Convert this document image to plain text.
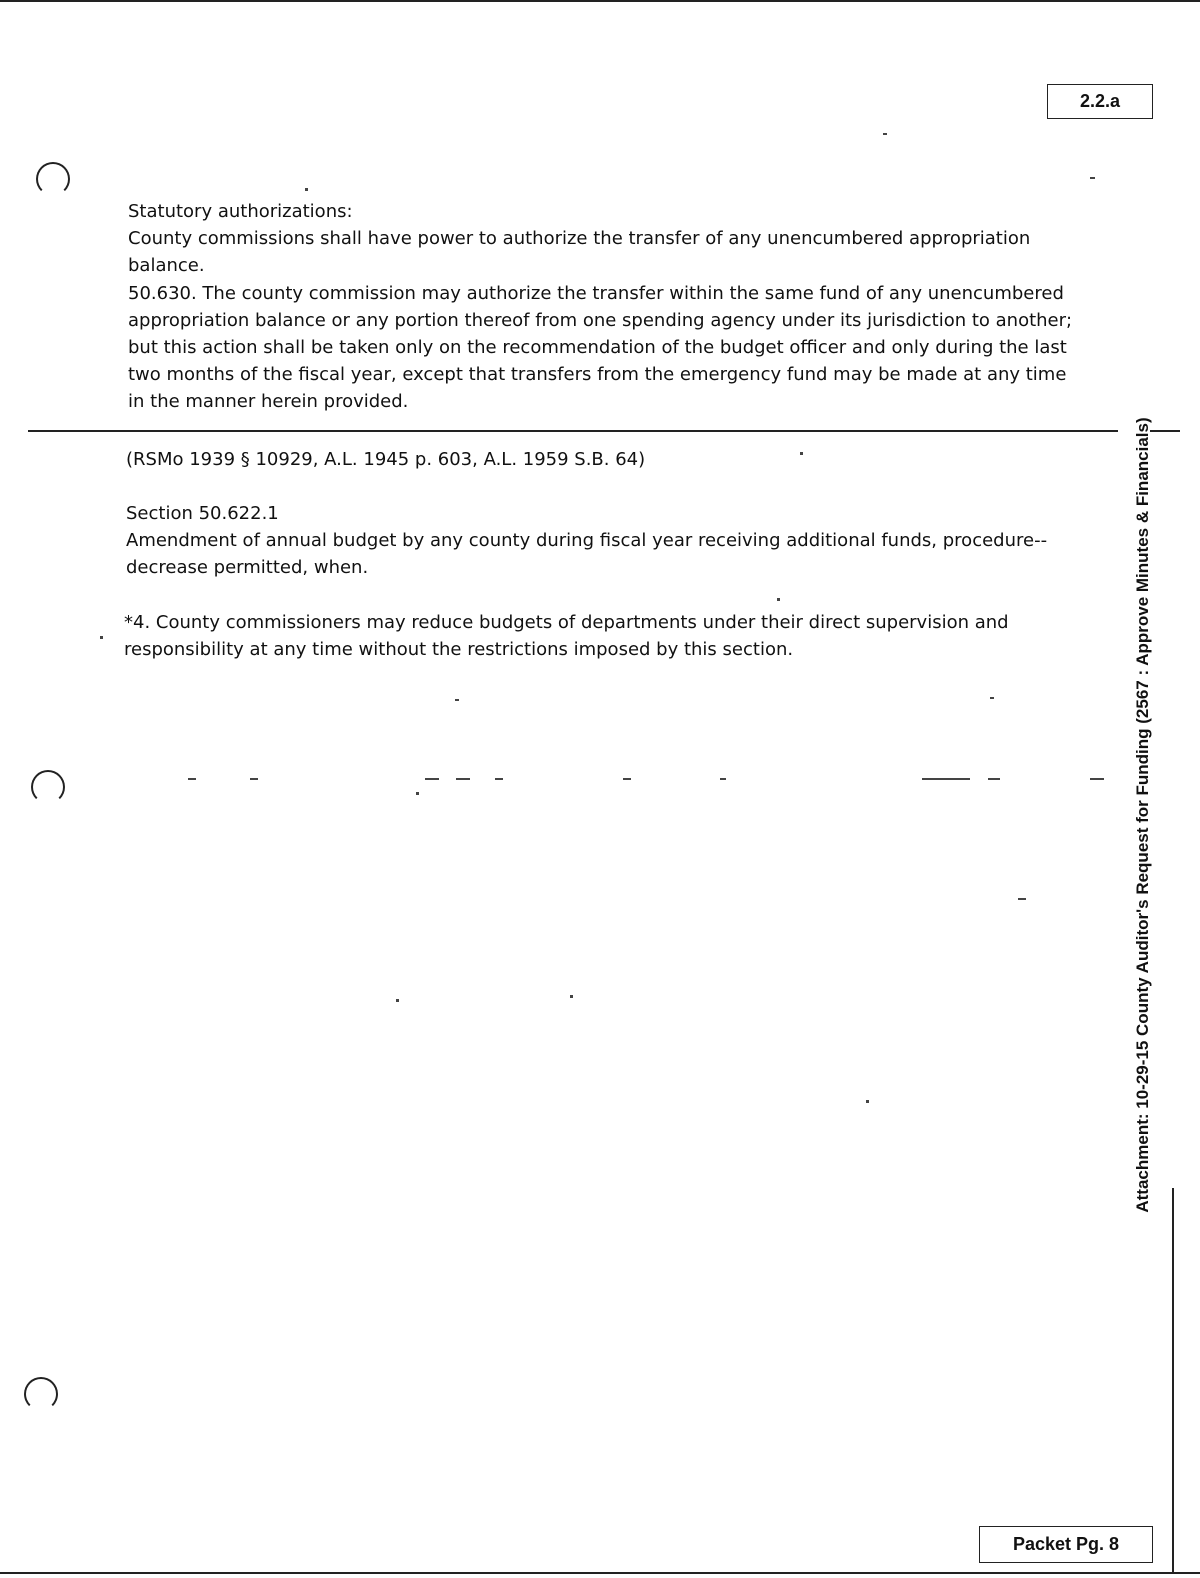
2.2.a
Packet Pg. 8
Statutory authorizations:
County commissions shall have power to authorize the transfer of any unencumbered appropriation balance.
50.630. The county commission may authorize the transfer within the same fund of any unencumbered appropriation balance or any portion thereof from one spending agency under its jurisdiction to another; but this action shall be taken only on the recommendation of the budget officer and only during the last two months of the fiscal year, except that transfers from the emergency fund may be made at any time in the manner herein provided.
(RSMo 1939 § 10929, A.L. 1945 p. 603, A.L. 1959 S.B. 64)
Section 50.622.1
Amendment of annual budget by any county during fiscal year receiving additional funds, procedure--decrease permitted, when.
*4. County commissioners may reduce budgets of departments under their direct supervision and responsibility at any time without the restrictions imposed by this section.	Attachment: 10-29-15 County Auditor's Request for Funding (2567 : Approve Minutes & Financials)
